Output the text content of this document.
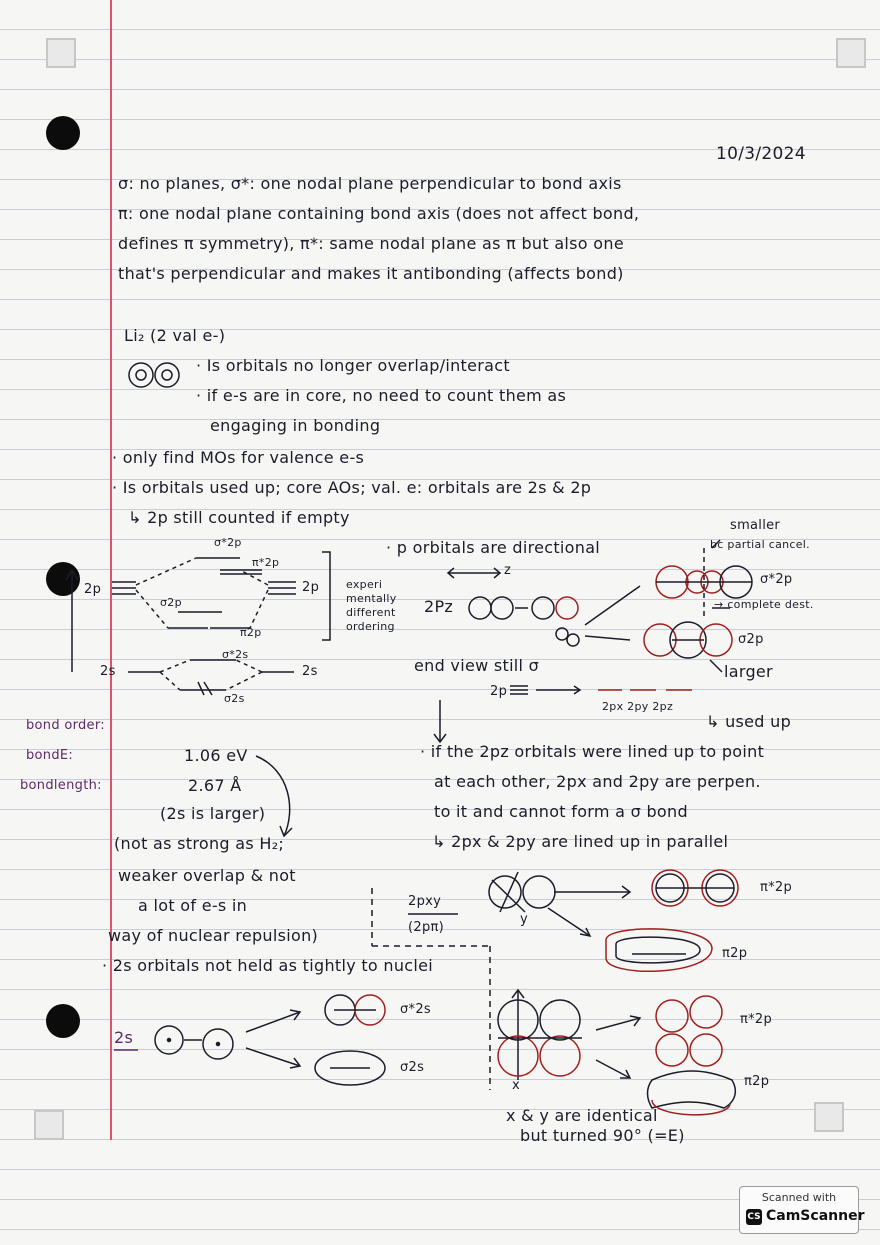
10/3/2024
σ: no planes, σ*: one nodal plane perpendicular to bond axis
π: one nodal plane containing bond axis (does not affect bond,
defines π symmetry), π*: same nodal plane as π but also one
that's perpendicular and makes it antibonding (affects bond)
Li₂ (2 val e-)
· Is orbitals no longer overlap/interact
· if e-s are in core, no need to count them as
engaging in bonding
· only find MOs for valence e-s
· Is orbitals used up; core AOs; val. e: orbitals are 2s & 2p
↳ 2p still counted if empty
2p	2p
2s	2s
σ*2p
π*2p
σ2p
π2p
σ*2s
σ2s
experi
mentally
different
ordering
· p orbitals are directional
z
2Pz
end view still σ
2p
2px 2py 2pz
↳ used up
smaller
bc partial cancel.
σ*2p
→ complete dest.
σ2p
larger
bond order:
bondE:
bondlength:
1.06 eV
2.67 Å
(2s is larger)
(not as strong as H₂;
weaker overlap & not
a lot of e-s in
way of nuclear repulsion)
· 2s orbitals not held as tightly to nuclei
· if the 2pz orbitals were lined up to point
at each other, 2px and 2py are perpen.
to it and cannot form a σ bond
↳ 2px & 2py are lined up in parallel
2pxy
(2pπ)
π*2p
π2p
y
x
2s
σ*2s
σ2s
π*2p
π2p
x & y are identical
but turned 90° (=E)
Scanned with
CS CamScanner
